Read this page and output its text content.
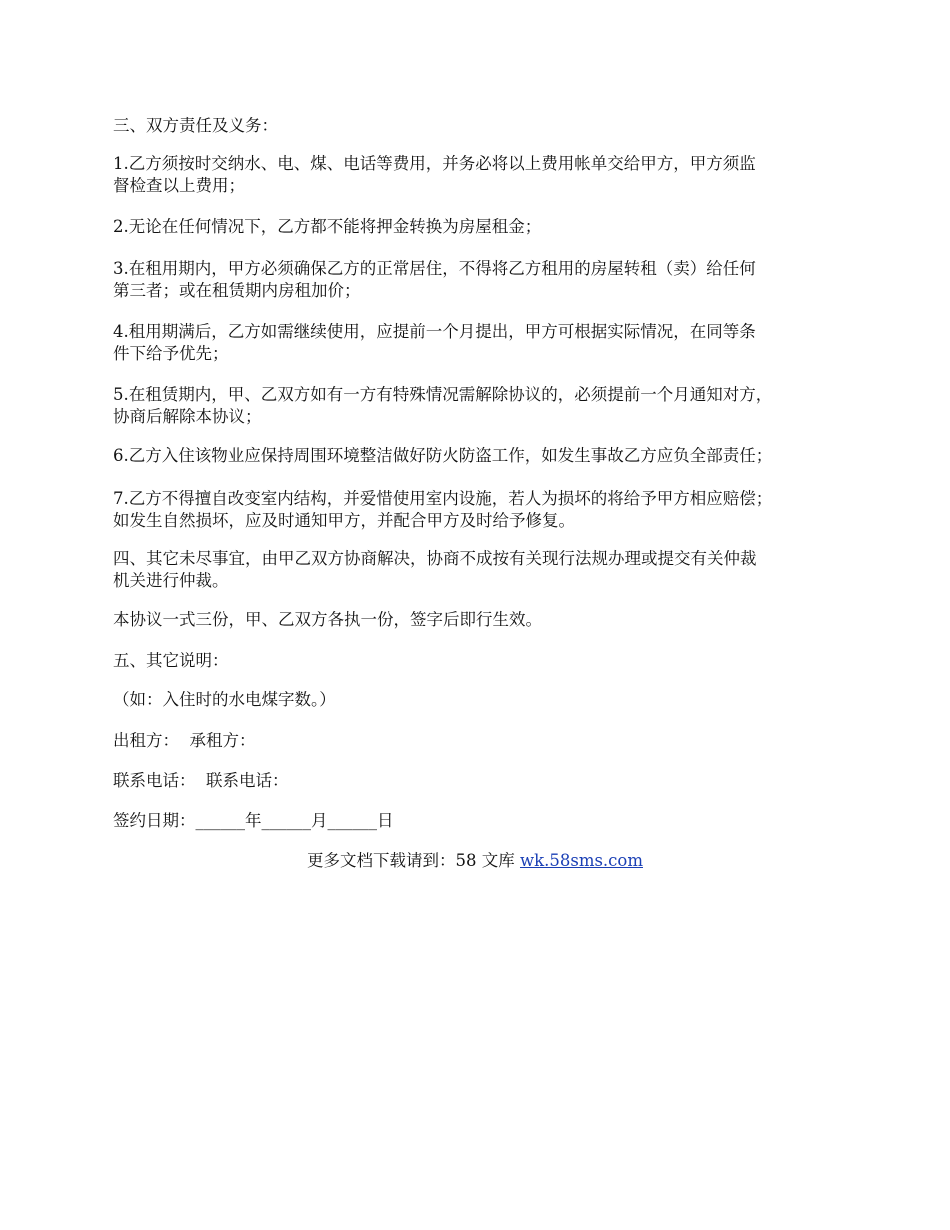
三、双方责任及义务：
1.乙方须按时交纳水、电、煤、电话等费用，并务必将以上费用帐单交给甲方，甲方须监
督检查以上费用；
2.无论在任何情况下，乙方都不能将押金转换为房屋租金；
3.在租用期内，甲方必须确保乙方的正常居住，不得将乙方租用的房屋转租（卖）给任何
第三者；或在租赁期内房租加价；
4.租用期满后，乙方如需继续使用，应提前一个月提出，甲方可根据实际情况，在同等条
件下给予优先；
5.在租赁期内，甲、乙双方如有一方有特殊情况需解除协议的，必须提前一个月通知对方，
协商后解除本协议；
6.乙方入住该物业应保持周围环境整洁做好防火防盗工作，如发生事故乙方应负全部责任；
7.乙方不得擅自改变室内结构，并爱惜使用室内设施，若人为损坏的将给予甲方相应赔偿；
如发生自然损坏，应及时通知甲方，并配合甲方及时给予修复。
四、其它未尽事宜，由甲乙双方协商解决，协商不成按有关现行法规办理或提交有关仲裁
机关进行仲裁。
本协议一式三份，甲、乙双方各执一份，签字后即行生效。
五、其它说明：
（如：入住时的水电煤字数。）
出租方：  承租方：
联系电话：  联系电话：
签约日期：______年______月______日
更多文档下载请到：58 文库 wk.58sms.com
